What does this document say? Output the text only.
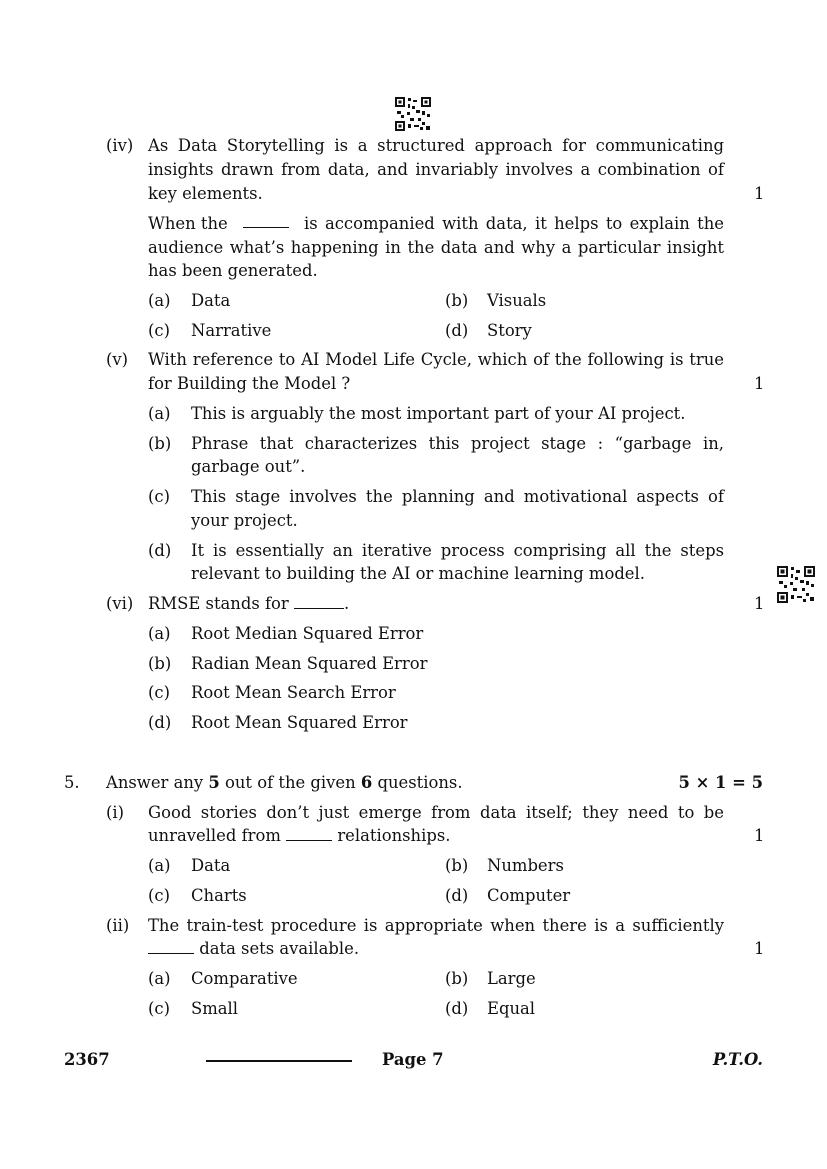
(iv) As Data Storytelling is a structured approach for communicating
insights drawn from data, and invariably involves a combination of
key elements.	1
When the	is accompanied with data, it helps to explain the
audience what’s happening in the data and why a particular insight
has been generated.
(a) Data	(b) Visuals
(c) Narrative	(d) Story
(v) With reference to AI Model Life Cycle, which of the following is true
for Building the Model ?	1
(a) This is arguably the most important part of your AI project.
(b) Phrase that characterizes this project stage : “garbage in,
garbage out”.
(c) This stage involves the planning and motivational aspects of
your project.
(d) It is essentially an iterative process comprising all the steps
relevant to building the AI or machine learning model.
(vi) RMSE stands for	.	1
(a) Root Median Squared Error
(b) Radian Mean Squared Error
(c) Root Mean Search Error
(d) Root Mean Squared Error
5. Answer any 5 out of the given 6 questions.	5 × 1 = 5
(i) Good stories don’t just emerge from data itself; they need to be
unravelled from	relationships.	1
(a) Data	(b) Numbers
(c) Charts	(d) Computer
(ii) The train-test procedure is appropriate when there is a sufficiently
data sets available.	1
(a) Comparative	(b) Large
(c) Small	(d) Equal
2367	Page 7	P.T.O.
